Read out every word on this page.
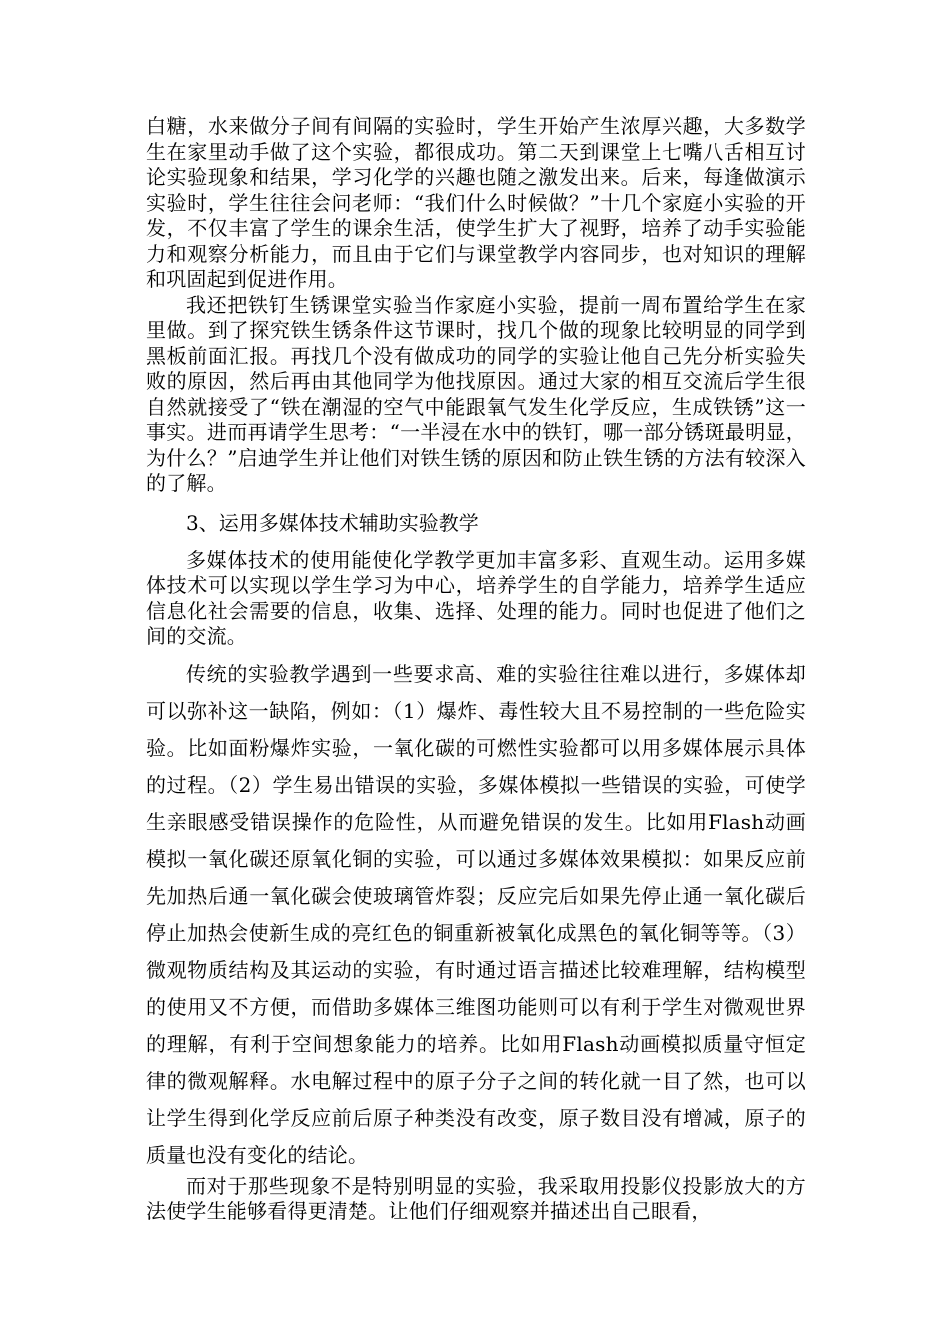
白糖，水来做分子间有间隔的实验时，学生开始产生浓厚兴趣，大多数学生在家里动手做了这个实验，都很成功。第二天到课堂上七嘴八舌相互讨论实验现象和结果，学习化学的兴趣也随之激发出来。后来，每逢做演示实验时，学生往往会问老师：“我们什么时候做？”十几个家庭小实验的开发，不仅丰富了学生的课余生活，使学生扩大了视野，培养了动手实验能力和观察分析能力，而且由于它们与课堂教学内容同步，也对知识的理解和巩固起到促进作用。

我还把铁钉生锈课堂实验当作家庭小实验，提前一周布置给学生在家里做。到了探究铁生锈条件这节课时，找几个做的现象比较明显的同学到黑板前面汇报。再找几个没有做成功的同学的实验让他自己先分析实验失败的原因，然后再由其他同学为他找原因。通过大家的相互交流后学生很自然就接受了“铁在潮湿的空气中能跟氧气发生化学反应，生成铁锈”这一事实。进而再请学生思考：“一半浸在水中的铁钉，哪一部分锈斑最明显，为什么？”启迪学生并让他们对铁生锈的原因和防止铁生锈的方法有较深入的了解。

3、运用多媒体技术辅助实验教学

多媒体技术的使用能使化学教学更加丰富多彩、直观生动。运用多媒体技术可以实现以学生学习为中心，培养学生的自学能力，培养学生适应信息化社会需要的信息，收集、选择、处理的能力。同时也促进了他们之间的交流。

传统的实验教学遇到一些要求高、难的实验往往难以进行，多媒体却可以弥补这一缺陷，例如：（1）爆炸、毒性较大且不易控制的一些危险实验。比如面粉爆炸实验，一氧化碳的可燃性实验都可以用多媒体展示具体的过程。（2）学生易出错误的实验，多媒体模拟一些错误的实验，可使学生亲眼感受错误操作的危险性，从而避免错误的发生。比如用Flash动画模拟一氧化碳还原氧化铜的实验，可以通过多媒体效果模拟：如果反应前先加热后通一氧化碳会使玻璃管炸裂；反应完后如果先停止通一氧化碳后停止加热会使新生成的亮红色的铜重新被氧化成黑色的氧化铜等等。（3）微观物质结构及其运动的实验，有时通过语言描述比较难理解，结构模型的使用又不方便，而借助多媒体三维图功能则可以有利于学生对微观世界的理解，有利于空间想象能力的培养。比如用Flash动画模拟质量守恒定律的微观解释。水电解过程中的原子分子之间的转化就一目了然，也可以让学生得到化学反应前后原子种类没有改变，原子数目没有增减，原子的质量也没有变化的结论。

而对于那些现象不是特别明显的实验，我采取用投影仪投影放大的方法使学生能够看得更清楚。让他们仔细观察并描述出自己眼看，
